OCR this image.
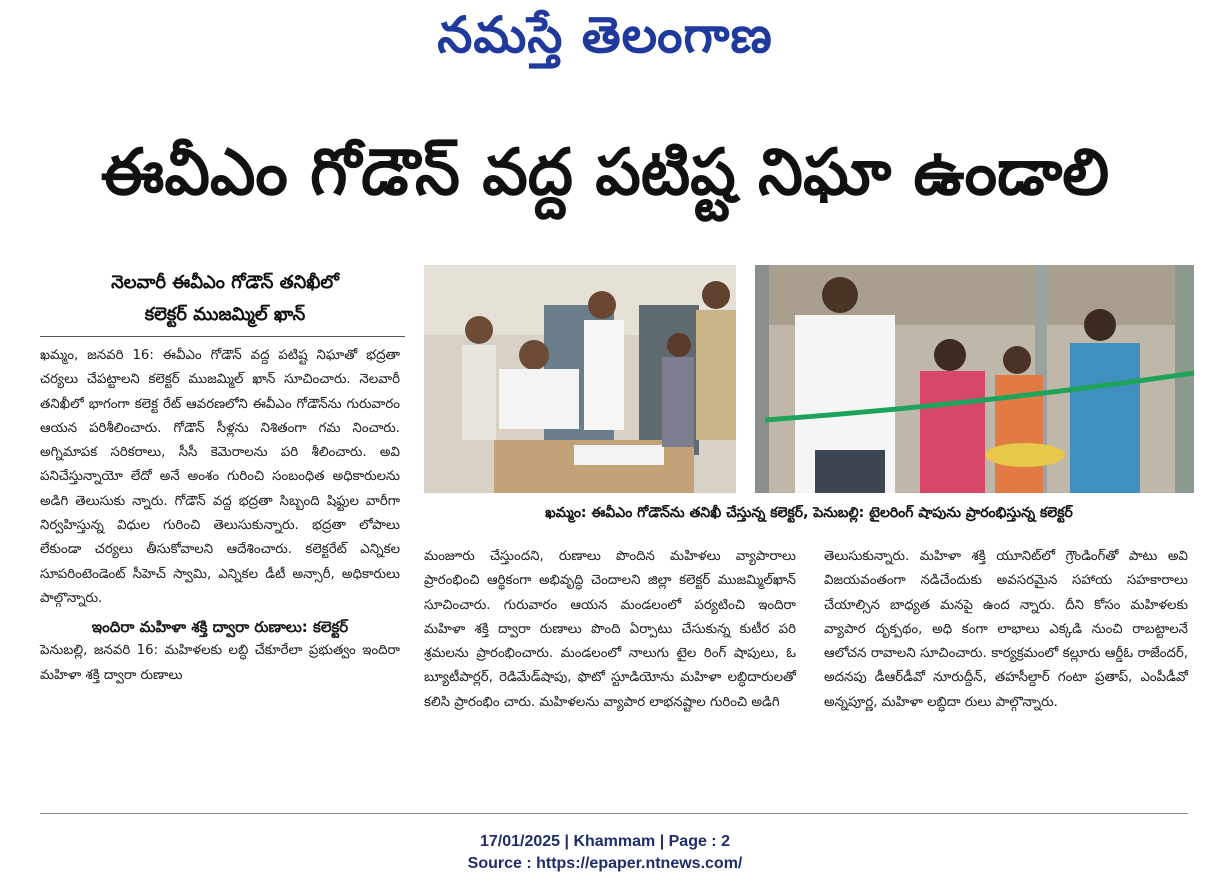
నమస్తే తెలంగాణ
ఈవీఎం గోడౌన్ వద్ద పటిష్ట నిఘా ఉండాలి
నెలవారీ ఈవీఎం గోడౌన్ తనిఖీలో
కలెక్టర్ ముజమ్మిల్ ఖాన్

ఖమ్మం, జనవరి 16: ఈవీఎం గోడౌన్ వద్ద పటిష్ట నిఘాతో భద్రతా చర్యలు చేపట్టాలని కలెక్టర్ ముజమ్మిల్ ఖాన్ సూచించారు. నెలవారీ తనిఖీలో భాగంగా కలెక్ట రేట్ ఆవరణలోని ఈవీఎం గోడౌన్‌ను గురువారం ఆయన పరిశీలించారు. గోడౌన్ సీళ్లను నిశితంగా గమ నించారు. అగ్నిమాపక సరికరాలు, సీసీ కెమెరాలను పరి శీలించారు. అవి పనిచేస్తున్నాయో లేదో అనే అంశం గురించి సంబంధిత అధికారులను అడిగి తెలుసుకు న్నారు. గోడౌన్ వద్ద భద్రతా సిబ్బంది షిఫ్టుల వారీగా నిర్వహిస్తున్న విధుల గురించి తెలుసుకున్నారు. భద్రతా లోపాలు లేకుండా చర్యలు తీసుకోవాలని ఆదేశించారు. కలెక్టరేట్ ఎన్నికల సూపరింటెండెంట్ సీహెచ్ స్వామి, ఎన్నికల డీటీ అన్సారీ, అధికారులు పాల్గొన్నారు.

ఇందిరా మహిళా శక్తి ద్వారా రుణాలు: కలెక్టర్

పెనుబల్లి, జనవరి 16: మహిళలకు లబ్ధి చేకూరేలా ప్రభుత్వం ఇందిరా మహిళా శక్తి ద్వారా రుణాలు

ఖమ్మం: ఈవీఎం గోడౌన్‌ను తనిఖీ చేస్తున్న కలెక్టర్, పెనుబల్లి: టైలరింగ్ షాపును ప్రారంభిస్తున్న కలెక్టర్

మంజూరు చేస్తుందని, రుణాలు పొందిన మహిళలు వ్యాపారాలు ప్రారంభించి ఆర్థికంగా అభివృద్ధి చెందాలని జిల్లా కలెక్టర్ ముజమ్మిల్‌ఖాన్ సూచించారు. గురువారం ఆయన మండలంలో పర్యటించి ఇందిరా మహిళా శక్తి ద్వారా రుణాలు పొంది ఏర్పాటు చేసుకున్న కుటీర పరి శ్రమలను ప్రారంభించారు. మండలంలో నాలుగు టైల రింగ్ షాపులు, ఓ బ్యూటీపార్లర్, రెడిమేడ్‌షాపు, ఫొటో స్టూడియోను మహిళా లబ్ధిదారులతో కలిసి ప్రారంభిం చారు. మహిళలను వ్యాపార లాభనష్టాల గురించి అడిగి

తెలుసుకున్నారు. మహిళా శక్తి యూనిట్‌లో గ్రౌండింగ్‌తో పాటు అవి విజయవంతంగా నడిచేందుకు అవసరమైన సహాయ సహకారాలు చేయాల్సిన బాధ్యత మనపై ఉంద న్నారు. దీని కోసం మహిళలకు వ్యాపార దృక్పథం, అధి కంగా లాభాలు ఎక్కడి నుంచి రాబట్టాలనే ఆలోచన రావాలని సూచించారు. కార్యక్రమంలో కల్లూరు ఆర్డీఓ రాజేందర్, అదనపు డీఆర్‌డీవో నూరుద్దీన్, తహసీల్దార్ గంటా ప్రతాప్, ఎంపీడీవో అన్నపూర్ణ, మహిళా లబ్ధిదా రులు పాల్గొన్నారు.

17/01/2025 | Khammam | Page : 2
Source : https://epaper.ntnews.com/
